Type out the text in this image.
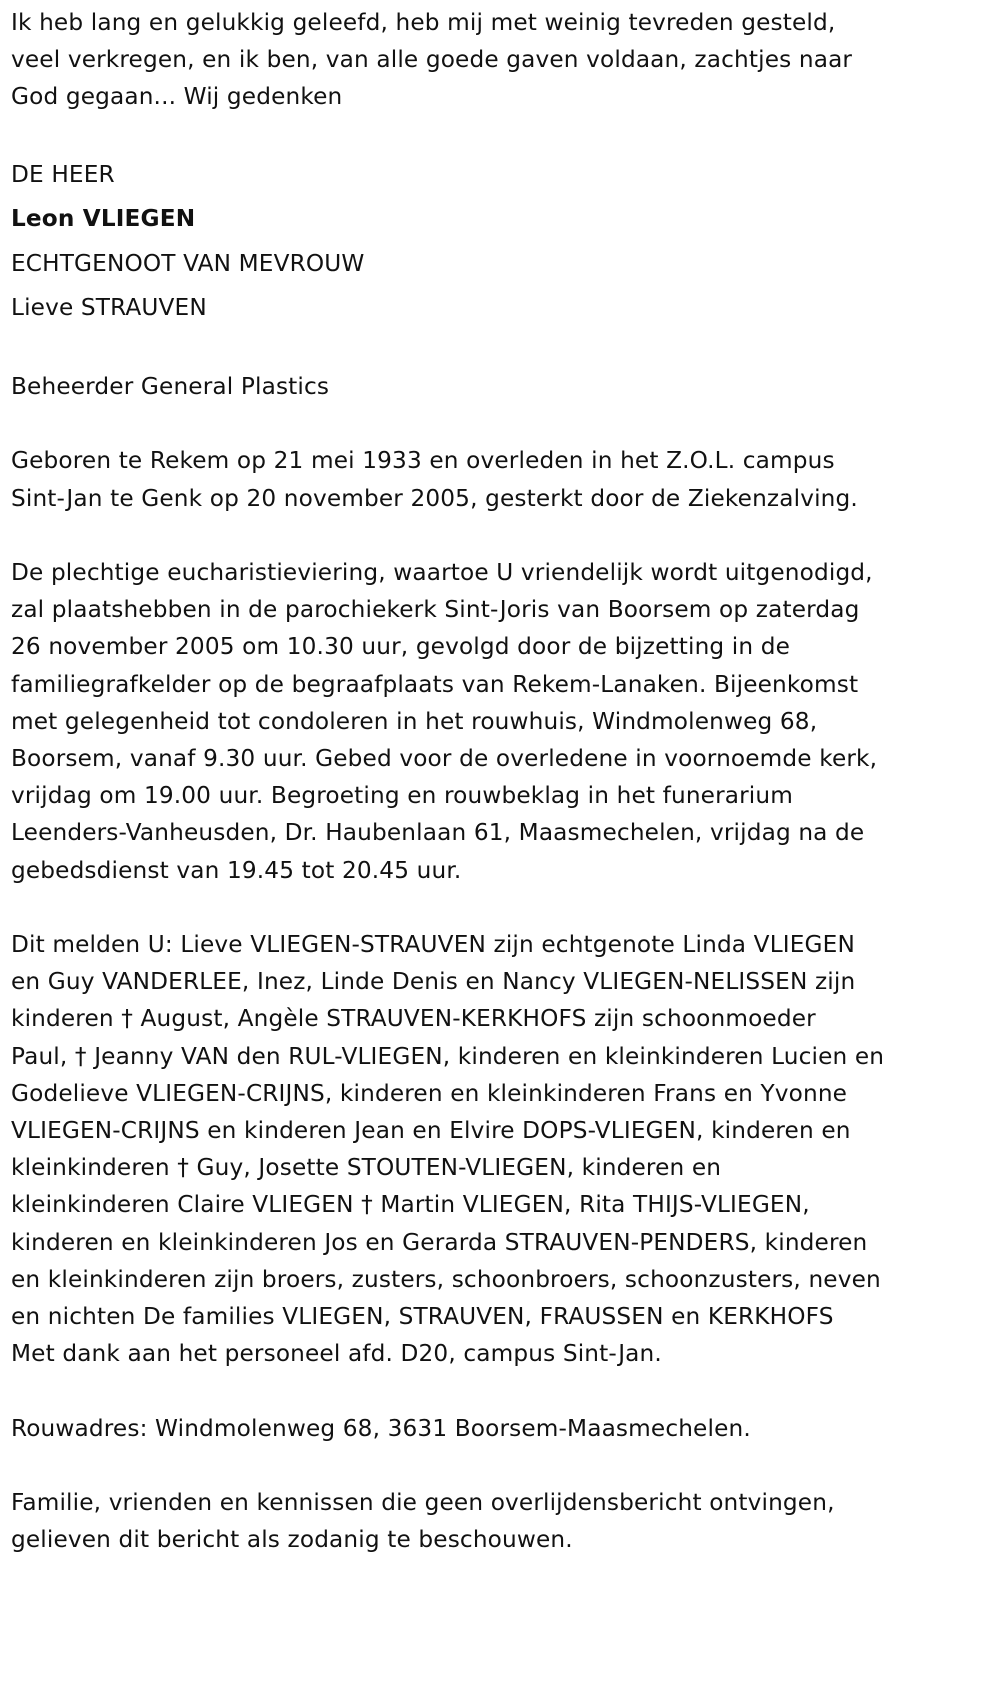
Ik heb lang en gelukkig geleefd, heb mij met weinig tevreden gesteld,
veel verkregen, en ik ben, van alle goede gaven voldaan, zachtjes naar
God gegaan... Wij gedenken
DE HEER
Leon VLIEGEN
ECHTGENOOT VAN MEVROUW
Lieve STRAUVEN
Beheerder General Plastics
Geboren te Rekem op 21 mei 1933 en overleden in het Z.O.L. campus
Sint-Jan te Genk op 20 november 2005, gesterkt door de Ziekenzalving.
De plechtige eucharistieviering, waartoe U vriendelijk wordt uitgenodigd,
zal plaatshebben in de parochiekerk Sint-Joris van Boorsem op zaterdag
26 november 2005 om 10.30 uur, gevolgd door de bijzetting in de
familiegrafkelder op de begraafplaats van Rekem-Lanaken. Bijeenkomst
met gelegenheid tot condoleren in het rouwhuis, Windmolenweg 68,
Boorsem, vanaf 9.30 uur. Gebed voor de overledene in voornoemde kerk,
vrijdag om 19.00 uur. Begroeting en rouwbeklag in het funerarium
Leenders-Vanheusden, Dr. Haubenlaan 61, Maasmechelen, vrijdag na de
gebedsdienst van 19.45 tot 20.45 uur.
Dit melden U: Lieve VLIEGEN-STRAUVEN zijn echtgenote Linda VLIEGEN
en Guy VANDERLEE, Inez, Linde Denis en Nancy VLIEGEN-NELISSEN zijn
kinderen † August, Angèle STRAUVEN-KERKHOFS zijn schoonmoeder
Paul, † Jeanny VAN den RUL-VLIEGEN, kinderen en kleinkinderen Lucien en
Godelieve VLIEGEN-CRIJNS, kinderen en kleinkinderen Frans en Yvonne
VLIEGEN-CRIJNS en kinderen Jean en Elvire DOPS-VLIEGEN, kinderen en
kleinkinderen † Guy, Josette STOUTEN-VLIEGEN, kinderen en
kleinkinderen Claire VLIEGEN † Martin VLIEGEN, Rita THIJS-VLIEGEN,
kinderen en kleinkinderen Jos en Gerarda STRAUVEN-PENDERS, kinderen
en kleinkinderen zijn broers, zusters, schoonbroers, schoonzusters, neven
en nichten De families VLIEGEN, STRAUVEN, FRAUSSEN en KERKHOFS
Met dank aan het personeel afd. D20, campus Sint-Jan.
Rouwadres: Windmolenweg 68, 3631 Boorsem-Maasmechelen.
Familie, vrienden en kennissen die geen overlijdensbericht ontvingen,
gelieven dit bericht als zodanig te beschouwen.
